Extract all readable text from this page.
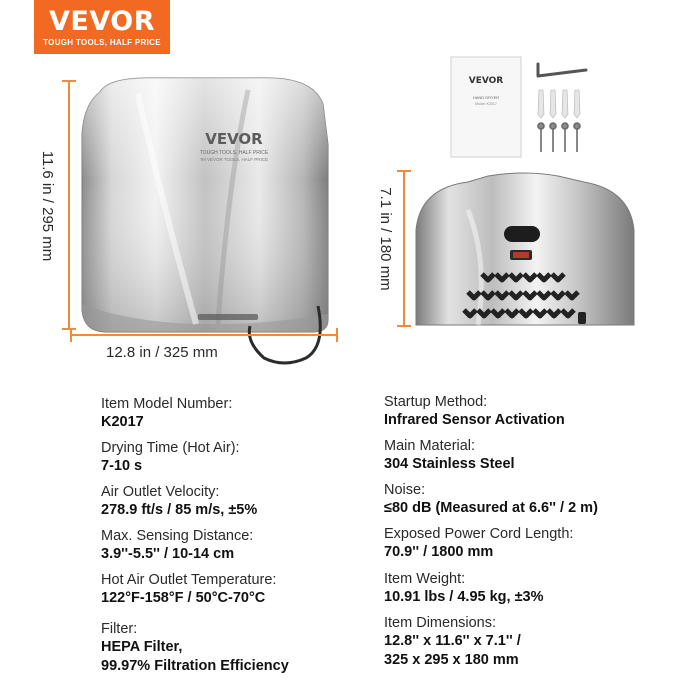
VEVOR
TOUGH TOOLS, HALF PRICE
VEVOR
TOUGH TOOLS, HALF PRICE
Tel VEVOR TOOLS, HALF PRICE
11.6 in / 295 mm
12.8 in / 325 mm
VEVOR
HAND DRYER
Model: K2017
7.1 in / 180 mm
Item Model Number:
K2017
Drying Time (Hot Air):
7-10 s
Air Outlet Velocity:
278.9 ft/s / 85 m/s, ±5%
Max. Sensing Distance:
3.9''-5.5'' / 10-14 cm
Hot Air Outlet Temperature:
122°F-158°F / 50°C-70°C
Filter:
HEPA Filter,
99.97% Filtration Efficiency
Startup Method:
Infrared Sensor Activation
Main Material:
304 Stainless Steel
Noise:
≤80 dB (Measured at 6.6'' / 2 m)
Exposed Power Cord Length:
70.9'' / 1800 mm
Item Weight:
10.91 lbs / 4.95 kg, ±3%
Item Dimensions:
12.8'' x 11.6'' x 7.1'' /
325 x 295 x 180 mm
